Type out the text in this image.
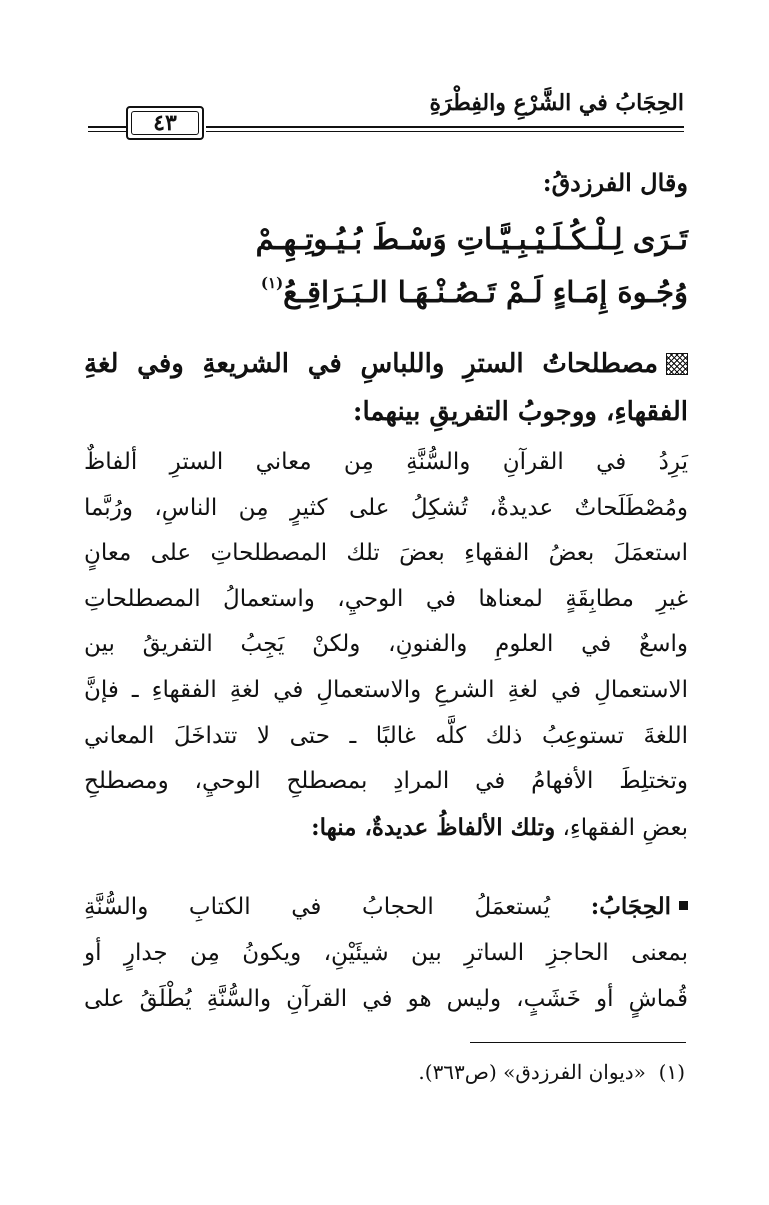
الحِجَابُ في الشَّرْعِ والفِطْرَةِ
٤٣
وقال الفرزدقُ:
تَـرَى لِـلْـكُـلَـيْـبِـيَّـاتِ وَسْـطَ بُـيُـوتِـهِـمْ
وُجُـوهَ إِمَـاءٍ لَـمْ تَـصُـنْـهَـا الـبَـرَاقِـعُ$^{(١)}$
مصطلحاتُ السترِ واللباسِ في الشريعةِ وفي لغةِ
الفقهاءِ، ووجوبُ التفريقِ بينهما:
يَرِدُ في القرآنِ والسُّنَّةِ مِن معاني السترِ ألفاظٌ
ومُصْطَلَحاتٌ عديدةٌ، تُشكِلُ على كثيرٍ مِن الناسِ، ورُبَّما
استعمَلَ بعضُ الفقهاءِ بعضَ تلك المصطلحاتِ على معانٍ
غيرِ مطابِقَةٍ لمعناها في الوحيِ، واستعمالُ المصطلحاتِ
واسعٌ في العلومِ والفنونِ، ولكنْ يَجِبُ التفريقُ بين
الاستعمالِ في لغةِ الشرعِ والاستعمالِ في لغةِ الفقهاءِ ـ فإنَّ
اللغةَ تستوعِبُ ذلك كلَّه غالبًا ـ حتى لا تتداخَلَ المعاني
وتختلِطَ الأفهامُ في المرادِ بمصطلحِ الوحيِ، ومصطلحِ
بعضِ الفقهاءِ، وتلك الألفاظُ عديدةٌ، منها:
الحِجَابُ: يُستعمَلُ الحجابُ في الكتابِ والسُّنَّةِ
بمعنى الحاجزِ الساترِ بين شيئَيْنِ، ويكونُ مِن جدارٍ أو
قُماشٍ أو خَشَبٍ، وليس هو في القرآنِ والسُّنَّةِ يُطْلَقُ على
(١)  «ديوان الفرزدق» (ص٣٦٣).
